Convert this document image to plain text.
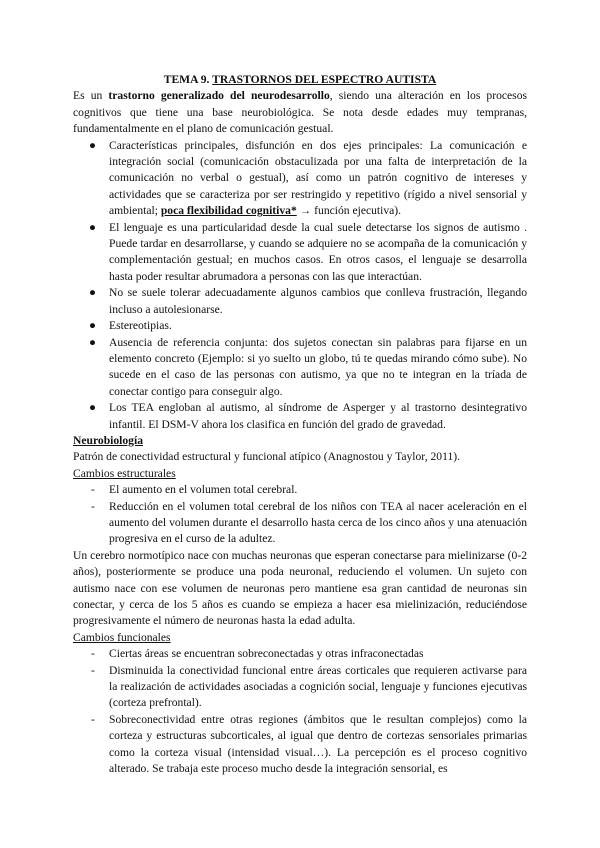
TEMA 9. TRASTORNOS DEL ESPECTRO AUTISTA

Es un trastorno generalizado del neurodesarrollo, siendo una alteración en los procesos cognitivos que tiene una base neurobiológica. Se nota desde edades muy tempranas, fundamentalmente en el plano de comunicación gestual.

● Características principales, disfunción en dos ejes principales: La comunicación e integración social (comunicación obstaculizada por una falta de interpretación de la comunicación no verbal o gestual), así como un patrón cognitivo de intereses y actividades que se caracteriza por ser restringido y repetitivo (rígido a nivel sensorial y ambiental; poca flexibilidad cognitiva* → función ejecutiva).
● El lenguaje es una particularidad desde la cual suele detectarse los signos de autismo . Puede tardar en desarrollarse, y cuando se adquiere no se acompaña de la comunicación y complementación gestual; en muchos casos. En otros casos, el lenguaje se desarrolla hasta poder resultar abrumadora a personas con las que interactúan.
● No se suele tolerar adecuadamente algunos cambios que conlleva frustración, llegando incluso a autolesionarse.
● Estereotipias.
● Ausencia de referencia conjunta: dos sujetos conectan sin palabras para fijarse en un elemento concreto (Ejemplo: si yo suelto un globo, tú te quedas mirando cómo sube). No sucede en el caso de las personas con autismo, ya que no te integran en la tríada de conectar contigo para conseguir algo.
● Los TEA engloban al autismo, al síndrome de Asperger y al trastorno desintegrativo infantil. El DSM-V ahora los clasifica en función del grado de gravedad.

Neurobiología

Patrón de conectividad estructural y funcional atípico (Anagnostou y Taylor, 2011).

Cambios estructurales

- El aumento en el volumen total cerebral.
- Reducción en el volumen total cerebral de los niños con TEA al nacer aceleración en el aumento del volumen durante el desarrollo hasta cerca de los cinco años y una atenuación progresiva en el curso de la adultez.

Un cerebro normotípico nace con muchas neuronas que esperan conectarse para mielinizarse (0-2 años), posteriormente se produce una poda neuronal, reduciendo el volumen. Un sujeto con autismo nace con ese volumen de neuronas pero mantiene esa gran cantidad de neuronas sin conectar, y cerca de los 5 años es cuando se empieza a hacer esa mielinización, reduciéndose progresivamente el número de neuronas hasta la edad adulta.

Cambios funcionales

- Ciertas áreas se encuentran sobreconectadas y otras infraconectadas
- Disminuida la conectividad funcional entre áreas corticales que requieren activarse para la realización de actividades asociadas a cognición social, lenguaje y funciones ejecutivas (corteza prefrontal).
- Sobreconectividad entre otras regiones (ámbitos que le resultan complejos) como la corteza y estructuras subcorticales, al igual que dentro de cortezas sensoriales primarias como la corteza visual (intensidad visual…). La percepción es el proceso cognitivo alterado. Se trabaja este proceso mucho desde la integración sensorial, es
